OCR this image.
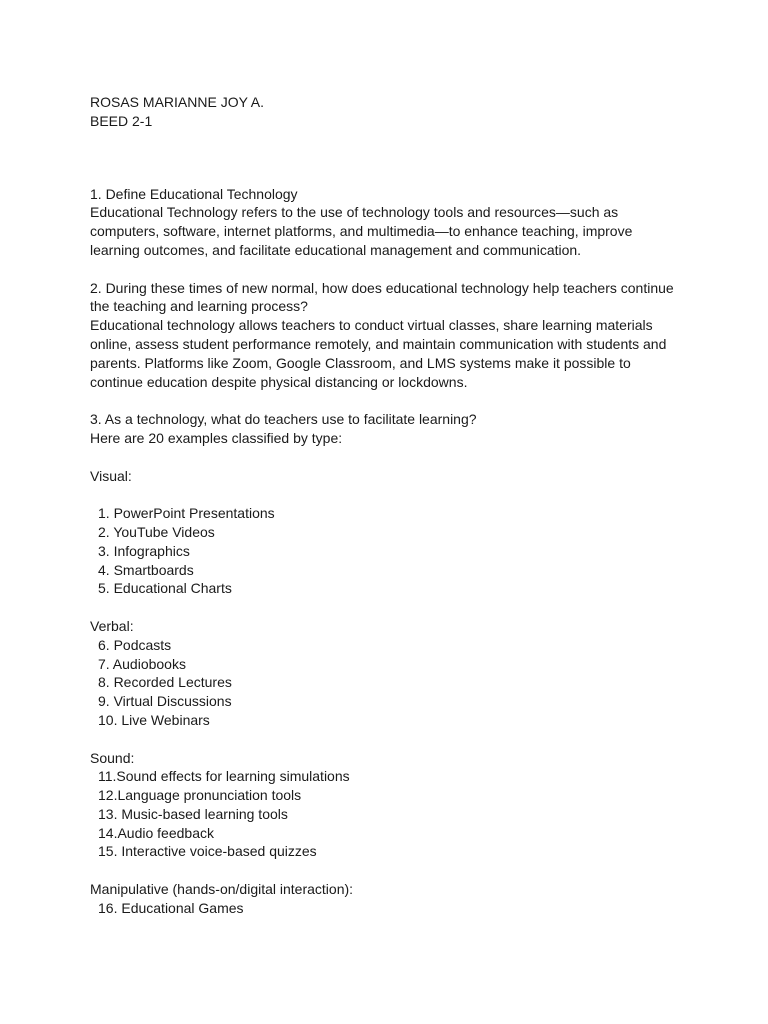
ROSAS MARIANNE JOY A.
BEED 2-1
1. Define Educational Technology
Educational Technology refers to the use of technology tools and resources—such as
computers, software, internet platforms, and multimedia—to enhance teaching, improve
learning outcomes, and facilitate educational management and communication.
2. During these times of new normal, how does educational technology help teachers continue
the teaching and learning process?
Educational technology allows teachers to conduct virtual classes, share learning materials
online, assess student performance remotely, and maintain communication with students and
parents. Platforms like Zoom, Google Classroom, and LMS systems make it possible to
continue education despite physical distancing or lockdowns.
3. As a technology, what do teachers use to facilitate learning?
Here are 20 examples classified by type:
Visual:
1. PowerPoint Presentations
2. YouTube Videos
3. Infographics
4. Smartboards
5. Educational Charts
Verbal:
6. Podcasts
7. Audiobooks
8. Recorded Lectures
9. Virtual Discussions
10. Live Webinars
Sound:
11.Sound effects for learning simulations
12.Language pronunciation tools
13. Music-based learning tools
14.Audio feedback
15. Interactive voice-based quizzes
Manipulative (hands-on/digital interaction):
16. Educational Games
